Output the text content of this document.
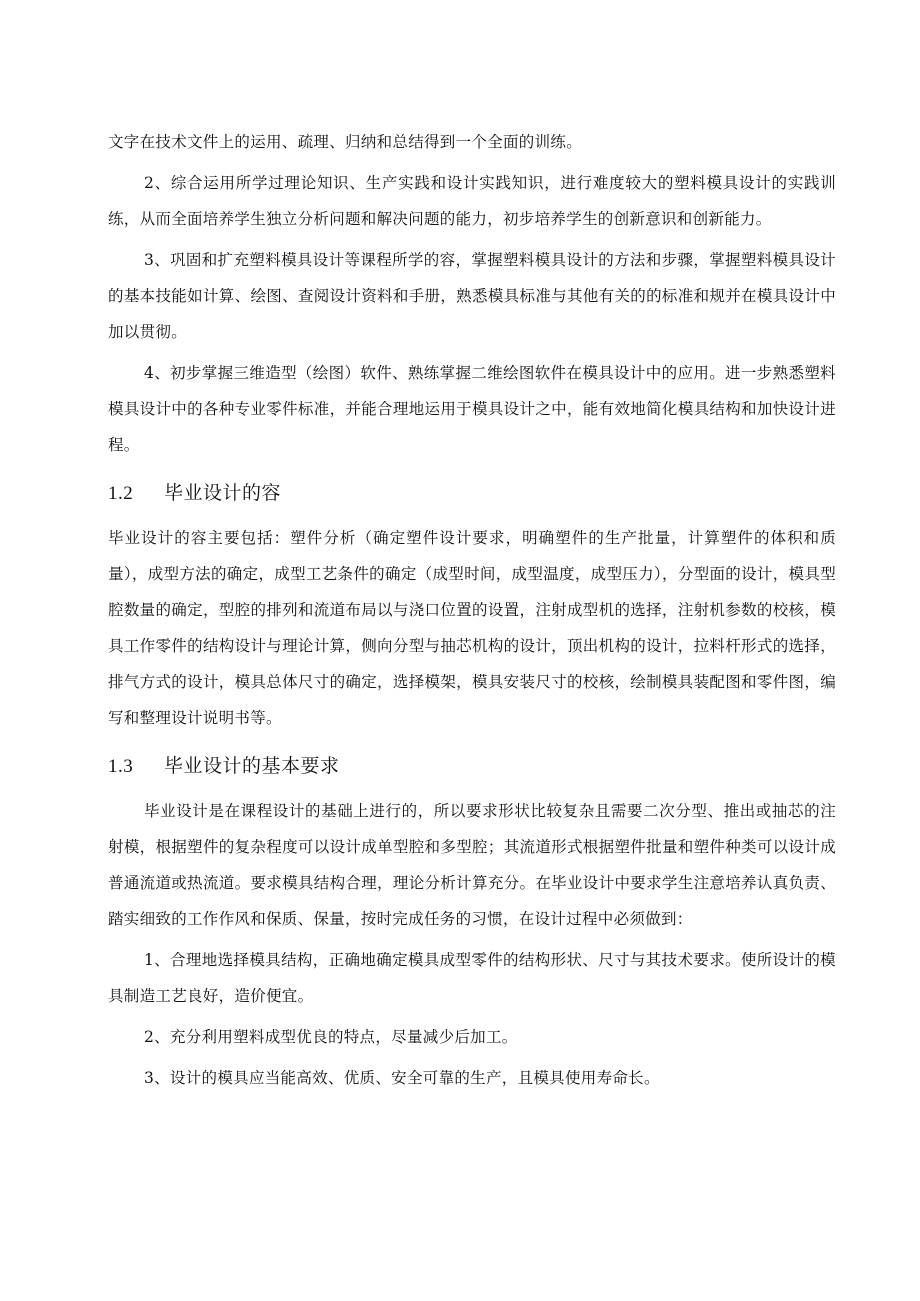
文字在技术文件上的运用、疏理、归纳和总结得到一个全面的训练。

2、综合运用所学过理论知识、生产实践和设计实践知识，进行难度较大的塑料模具设计的实践训练，从而全面培养学生独立分析问题和解决问题的能力，初步培养学生的创新意识和创新能力。

3、巩固和扩充塑料模具设计等课程所学的容，掌握塑料模具设计的方法和步骤，掌握塑料模具设计的基本技能如计算、绘图、查阅设计资料和手册，熟悉模具标准与其他有关的的标准和规并在模具设计中加以贯彻。

4、初步掌握三维造型（绘图）软件、熟练掌握二维绘图软件在模具设计中的应用。进一步熟悉塑料模具设计中的各种专业零件标准，并能合理地运用于模具设计之中，能有效地简化模具结构和加快设计进程。

1.2 毕业设计的容

毕业设计的容主要包括：塑件分析（确定塑件设计要求，明确塑件的生产批量，计算塑件的体积和质量），成型方法的确定，成型工艺条件的确定（成型时间，成型温度，成型压力），分型面的设计，模具型腔数量的确定，型腔的排列和流道布局以与浇口位置的设置，注射成型机的选择，注射机参数的校核，模具工作零件的结构设计与理论计算，侧向分型与抽芯机构的设计，顶出机构的设计，拉料杆形式的选择，排气方式的设计，模具总体尺寸的确定，选择模架，模具安装尺寸的校核，绘制模具装配图和零件图，编写和整理设计说明书等。

1.3 毕业设计的基本要求

毕业设计是在课程设计的基础上进行的，所以要求形状比较复杂且需要二次分型、推出或抽芯的注射模，根据塑件的复杂程度可以设计成单型腔和多型腔；其流道形式根据塑件批量和塑件种类可以设计成普通流道或热流道。要求模具结构合理，理论分析计算充分。在毕业设计中要求学生注意培养认真负责、踏实细致的工作作风和保质、保量，按时完成任务的习惯，在设计过程中必须做到：

1、合理地选择模具结构，正确地确定模具成型零件的结构形状、尺寸与其技术要求。使所设计的模具制造工艺良好，造价便宜。

2、充分利用塑料成型优良的特点，尽量减少后加工。

3、设计的模具应当能高效、优质、安全可靠的生产，且模具使用寿命长。
